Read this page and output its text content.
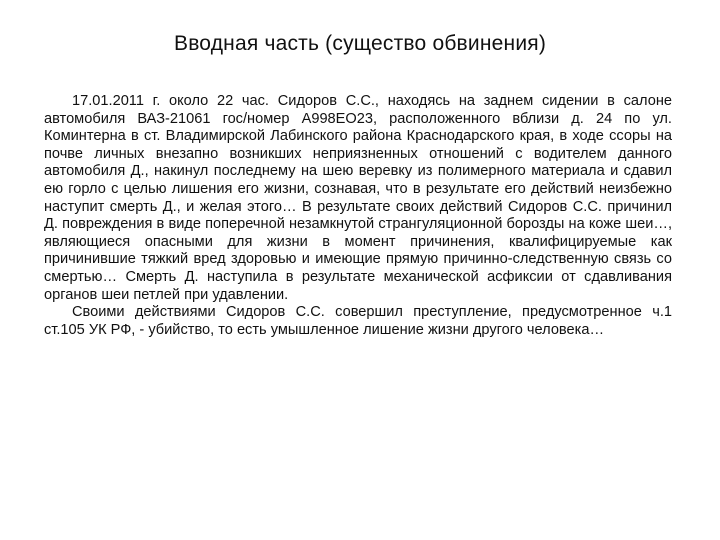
Вводная часть (существо обвинения)

17.01.2011 г. около 22 час. Сидоров С.С., находясь на заднем сидении в салоне автомобиля ВАЗ-21061 гос/номер А998ЕО23, расположенного вблизи д. 24 по ул. Коминтерна в ст. Владимирской Лабинского района Краснодарского края, в ходе ссоры на почве личных внезапно возникших неприязненных отношений с водителем данного автомобиля Д., накинул последнему на шею веревку из полимерного материала и сдавил ею горло с целью лишения его жизни, сознавая, что в результате его действий неизбежно наступит смерть Д., и желая этого… В результате своих действий Сидоров С.С. причинил Д. повреждения в виде поперечной незамкнутой странгуляционной борозды на коже шеи…, являющиеся опасными для жизни в момент причинения, квалифицируемые как причинившие тяжкий вред здоровью и имеющие прямую причинно-следственную связь со смертью… Смерть Д. наступила в результате механической асфиксии от сдавливания органов шеи петлей при удавлении.

Своими действиями Сидоров С.С. совершил преступление, предусмотренное ч.1 ст.105 УК РФ, - убийство, то есть умышленное лишение жизни другого человека…
